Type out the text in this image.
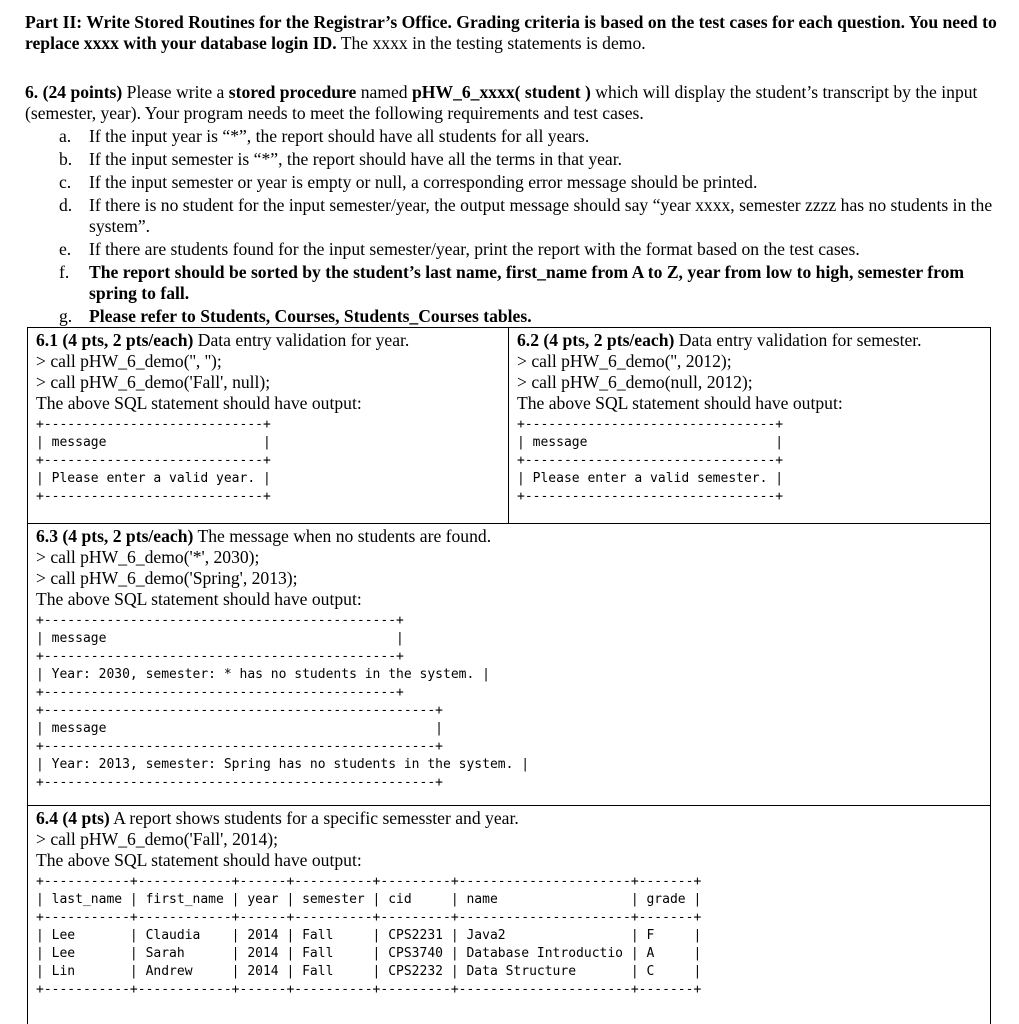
Part II: Write Stored Routines for the Registrar’s Office. Grading criteria is based on the test cases for each question. You need to replace xxxx with your database login ID. The xxxx in the testing statements is demo.

6. (24 points) Please write a stored procedure named pHW_6_xxxx( student ) which will display the student’s transcript by the input (semester, year). Your program needs to meet the following requirements and test cases.

a. If the input year is “*”, the report should have all students for all years.
b. If the input semester is “*”, the report should have all the terms in that year.
c. If the input semester or year is empty or null, a corresponding error message should be printed.
d. If there is no student for the input semester/year, the output message should say “year xxxx, semester zzzz has no students in the system”.
e. If there are students found for the input semester/year, print the report with the format based on the test cases.
f. The report should be sorted by the student’s last name, first_name from A to Z, year from low to high, semester from spring to fall.
g. Please refer to Students, Courses, Students_Courses tables.

6.1 (4 pts, 2 pts/each) Data entry validation for year.

> call pHW_6_demo('', '');

> call pHW_6_demo('Fall', null);

The above SQL statement should have output:

+----------------------------+
| message                    |
+----------------------------+
| Please enter a valid year. |
+----------------------------+

6.2 (4 pts, 2 pts/each) Data entry validation for semester.

> call pHW_6_demo('', 2012);

> call pHW_6_demo(null, 2012);

The above SQL statement should have output:

+--------------------------------+
| message                        |
+--------------------------------+
| Please enter a valid semester. |
+--------------------------------+

6.3 (4 pts, 2 pts/each) The message when no students are found.

> call pHW_6_demo('*', 2030);

> call pHW_6_demo('Spring', 2013);

The above SQL statement should have output:

+---------------------------------------------+
| message                                     |
+---------------------------------------------+
| Year: 2030, semester: * has no students in the system. |
+---------------------------------------------+
+--------------------------------------------------+
| message                                          |
+--------------------------------------------------+
| Year: 2013, semester: Spring has no students in the system. |
+--------------------------------------------------+

6.4 (4 pts) A report shows students for a specific semesster and year.

> call pHW_6_demo('Fall', 2014);

The above SQL statement should have output:

+-----------+------------+------+----------+---------+----------------------+-------+
| last_name | first_name | year | semester | cid     | name                 | grade |
+-----------+------------+------+----------+---------+----------------------+-------+
| Lee       | Claudia    | 2014 | Fall     | CPS2231 | Java2                | F     |
| Lee       | Sarah      | 2014 | Fall     | CPS3740 | Database Introductio | A     |
| Lin       | Andrew     | 2014 | Fall     | CPS2232 | Data Structure       | C     |
+-----------+------------+------+----------+---------+----------------------+-------+
